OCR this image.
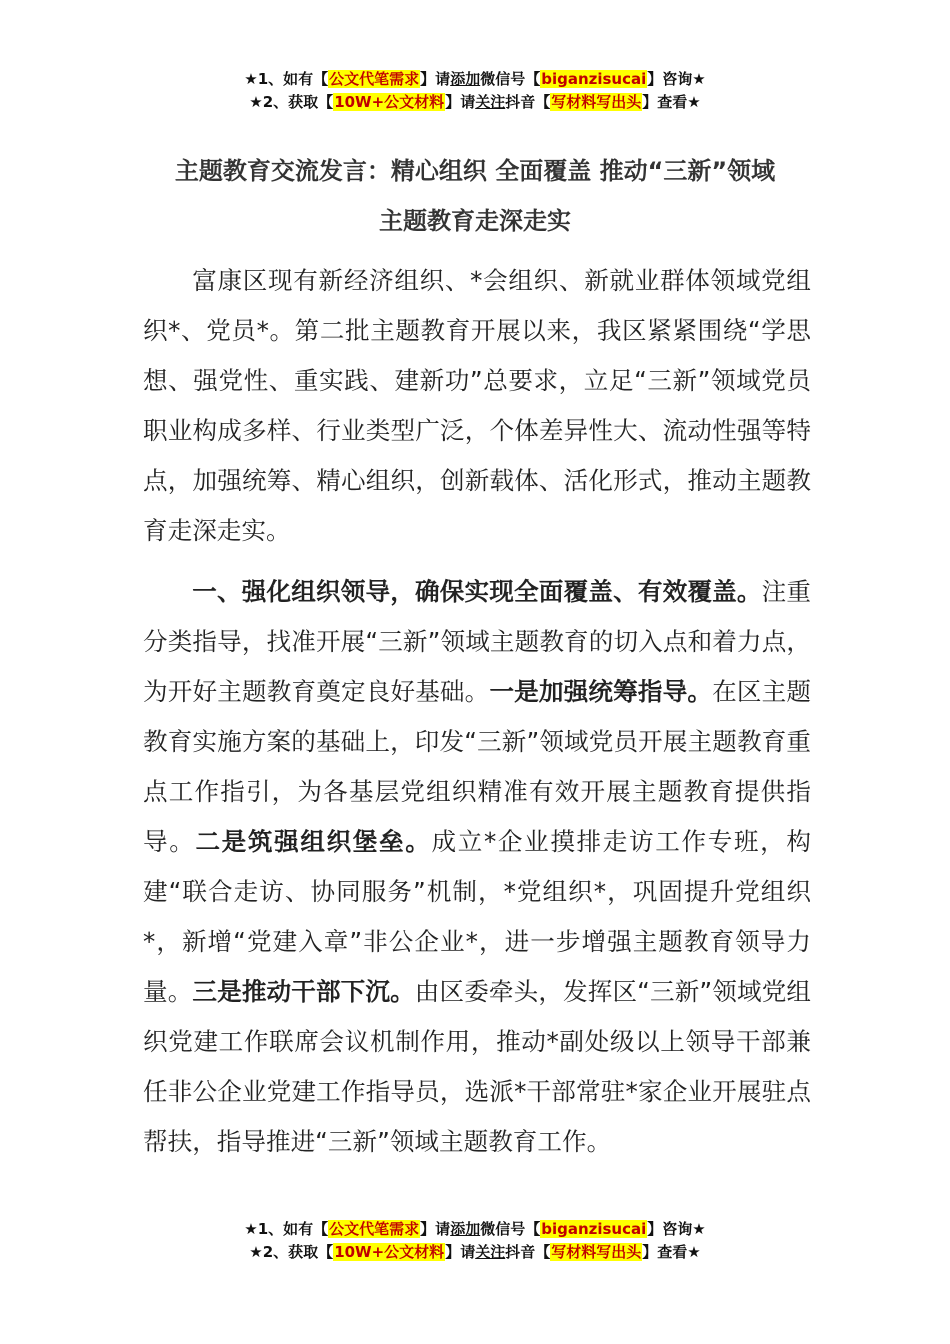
★1、如有【公文代笔需求】请添加微信号【biganzisucai】咨询★
★2、获取【10W+公文材料】请关注抖音【写材料写出头】查看★
主题教育交流发言：精心组织 全面覆盖 推动“三新”领域
主题教育走深走实

富康区现有新经济组织、*会组织、新就业群体领域党组织*、党员*。第二批主题教育开展以来，我区紧紧围绕“学思想、强党性、重实践、建新功”总要求，立足“三新”领域党员职业构成多样、行业类型广泛，个体差异性大、流动性强等特点，加强统筹、精心组织，创新载体、活化形式，推动主题教育走深走实。

一、强化组织领导，确保实现全面覆盖、有效覆盖。注重分类指导，找准开展“三新”领域主题教育的切入点和着力点，为开好主题教育奠定良好基础。一是加强统筹指导。在区主题教育实施方案的基础上，印发“三新”领域党员开展主题教育重点工作指引，为各基层党组织精准有效开展主题教育提供指导。二是筑强组织堡垒。成立*企业摸排走访工作专班，构建“联合走访、协同服务”机制，*党组织*，巩固提升党组织*，新增“党建入章”非公企业*，进一步增强主题教育领导力量。三是推动干部下沉。由区委牵头，发挥区“三新”领域党组织党建工作联席会议机制作用，推动*副处级以上领导干部兼任非公企业党建工作指导员，选派*干部常驻*家企业开展驻点帮扶，指导推进“三新”领域主题教育工作。

★1、如有【公文代笔需求】请添加微信号【biganzisucai】咨询★
★2、获取【10W+公文材料】请关注抖音【写材料写出头】查看★
